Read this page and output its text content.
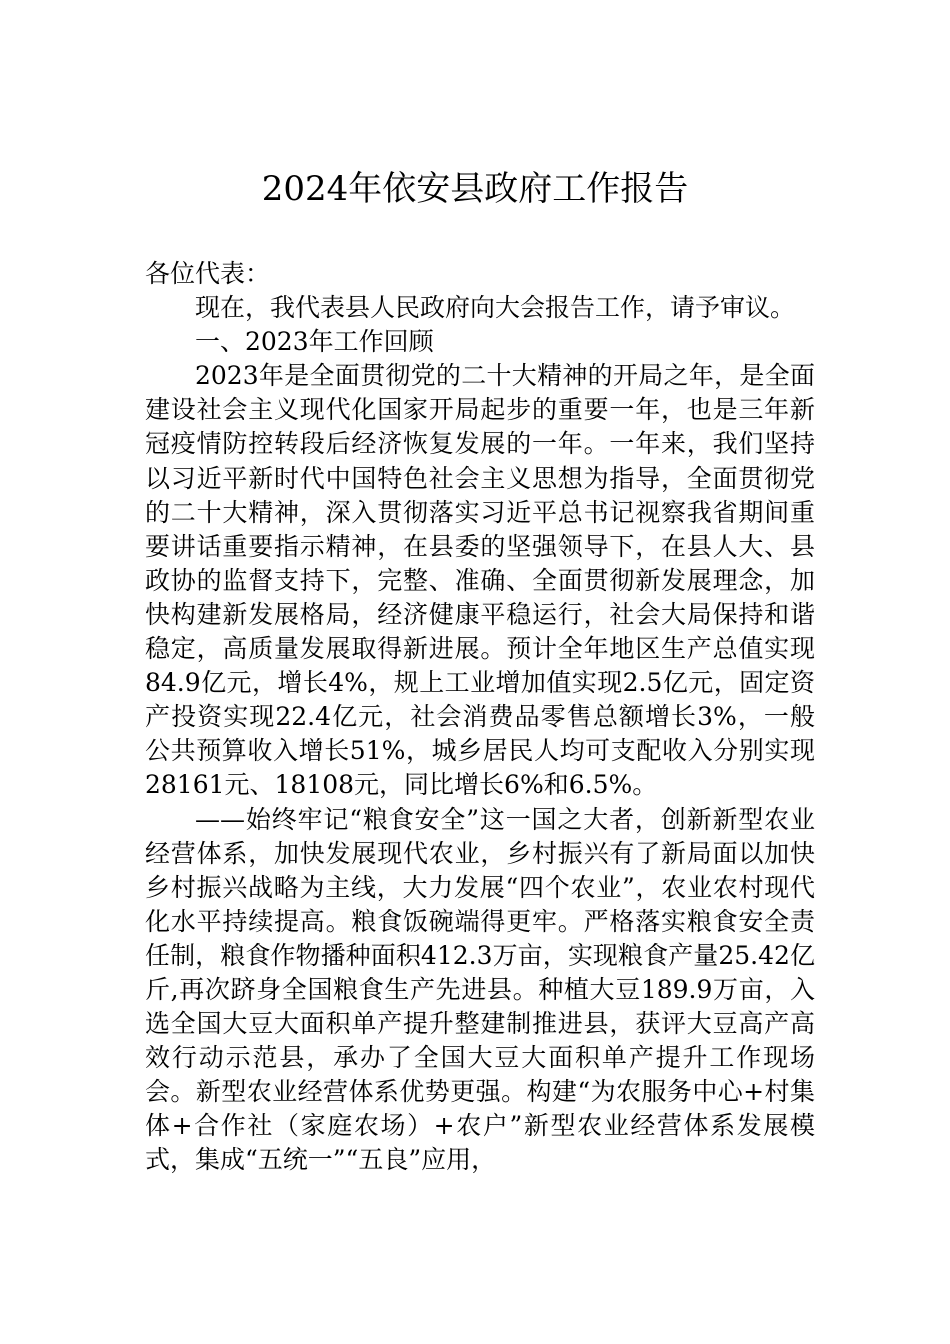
2024年依安县政府工作报告

各位代表：

现在，我代表县人民政府向大会报告工作，请予审议。

一、2023年工作回顾

2023年是全面贯彻党的二十大精神的开局之年，是全面建设社会主义现代化国家开局起步的重要一年，也是三年新冠疫情防控转段后经济恢复发展的一年。一年来，我们坚持以习近平新时代中国特色社会主义思想为指导，全面贯彻党的二十大精神，深入贯彻落实习近平总书记视察我省期间重要讲话重要指示精神，在县委的坚强领导下，在县人大、县政协的监督支持下，完整、准确、全面贯彻新发展理念，加快构建新发展格局，经济健康平稳运行，社会大局保持和谐稳定，高质量发展取得新进展。预计全年地区生产总值实现84.9亿元，增长4%，规上工业增加值实现2.5亿元，固定资产投资实现22.4亿元，社会消费品零售总额增长3%，一般公共预算收入增长51%，城乡居民人均可支配收入分别实现28161元、18108元，同比增长6%和6.5%。

——始终牢记“粮食安全”这一国之大者，创新新型农业经营体系，加快发展现代农业，乡村振兴有了新局面以加快乡村振兴战略为主线，大力发展“四个农业”，农业农村现代化水平持续提高。粮食饭碗端得更牢。严格落实粮食安全责任制，粮食作物播种面积412.3万亩，实现粮食产量25.42亿斤,再次跻身全国粮食生产先进县。种植大豆189.9万亩，入选全国大豆大面积单产提升整建制推进县，获评大豆高产高效行动示范县，承办了全国大豆大面积单产提升工作现场会。新型农业经营体系优势更强。构建“为农服务中心+村集体+合作社（家庭农场）+农户”新型农业经营体系发展模式，集成“五统一”“五良”应用，
